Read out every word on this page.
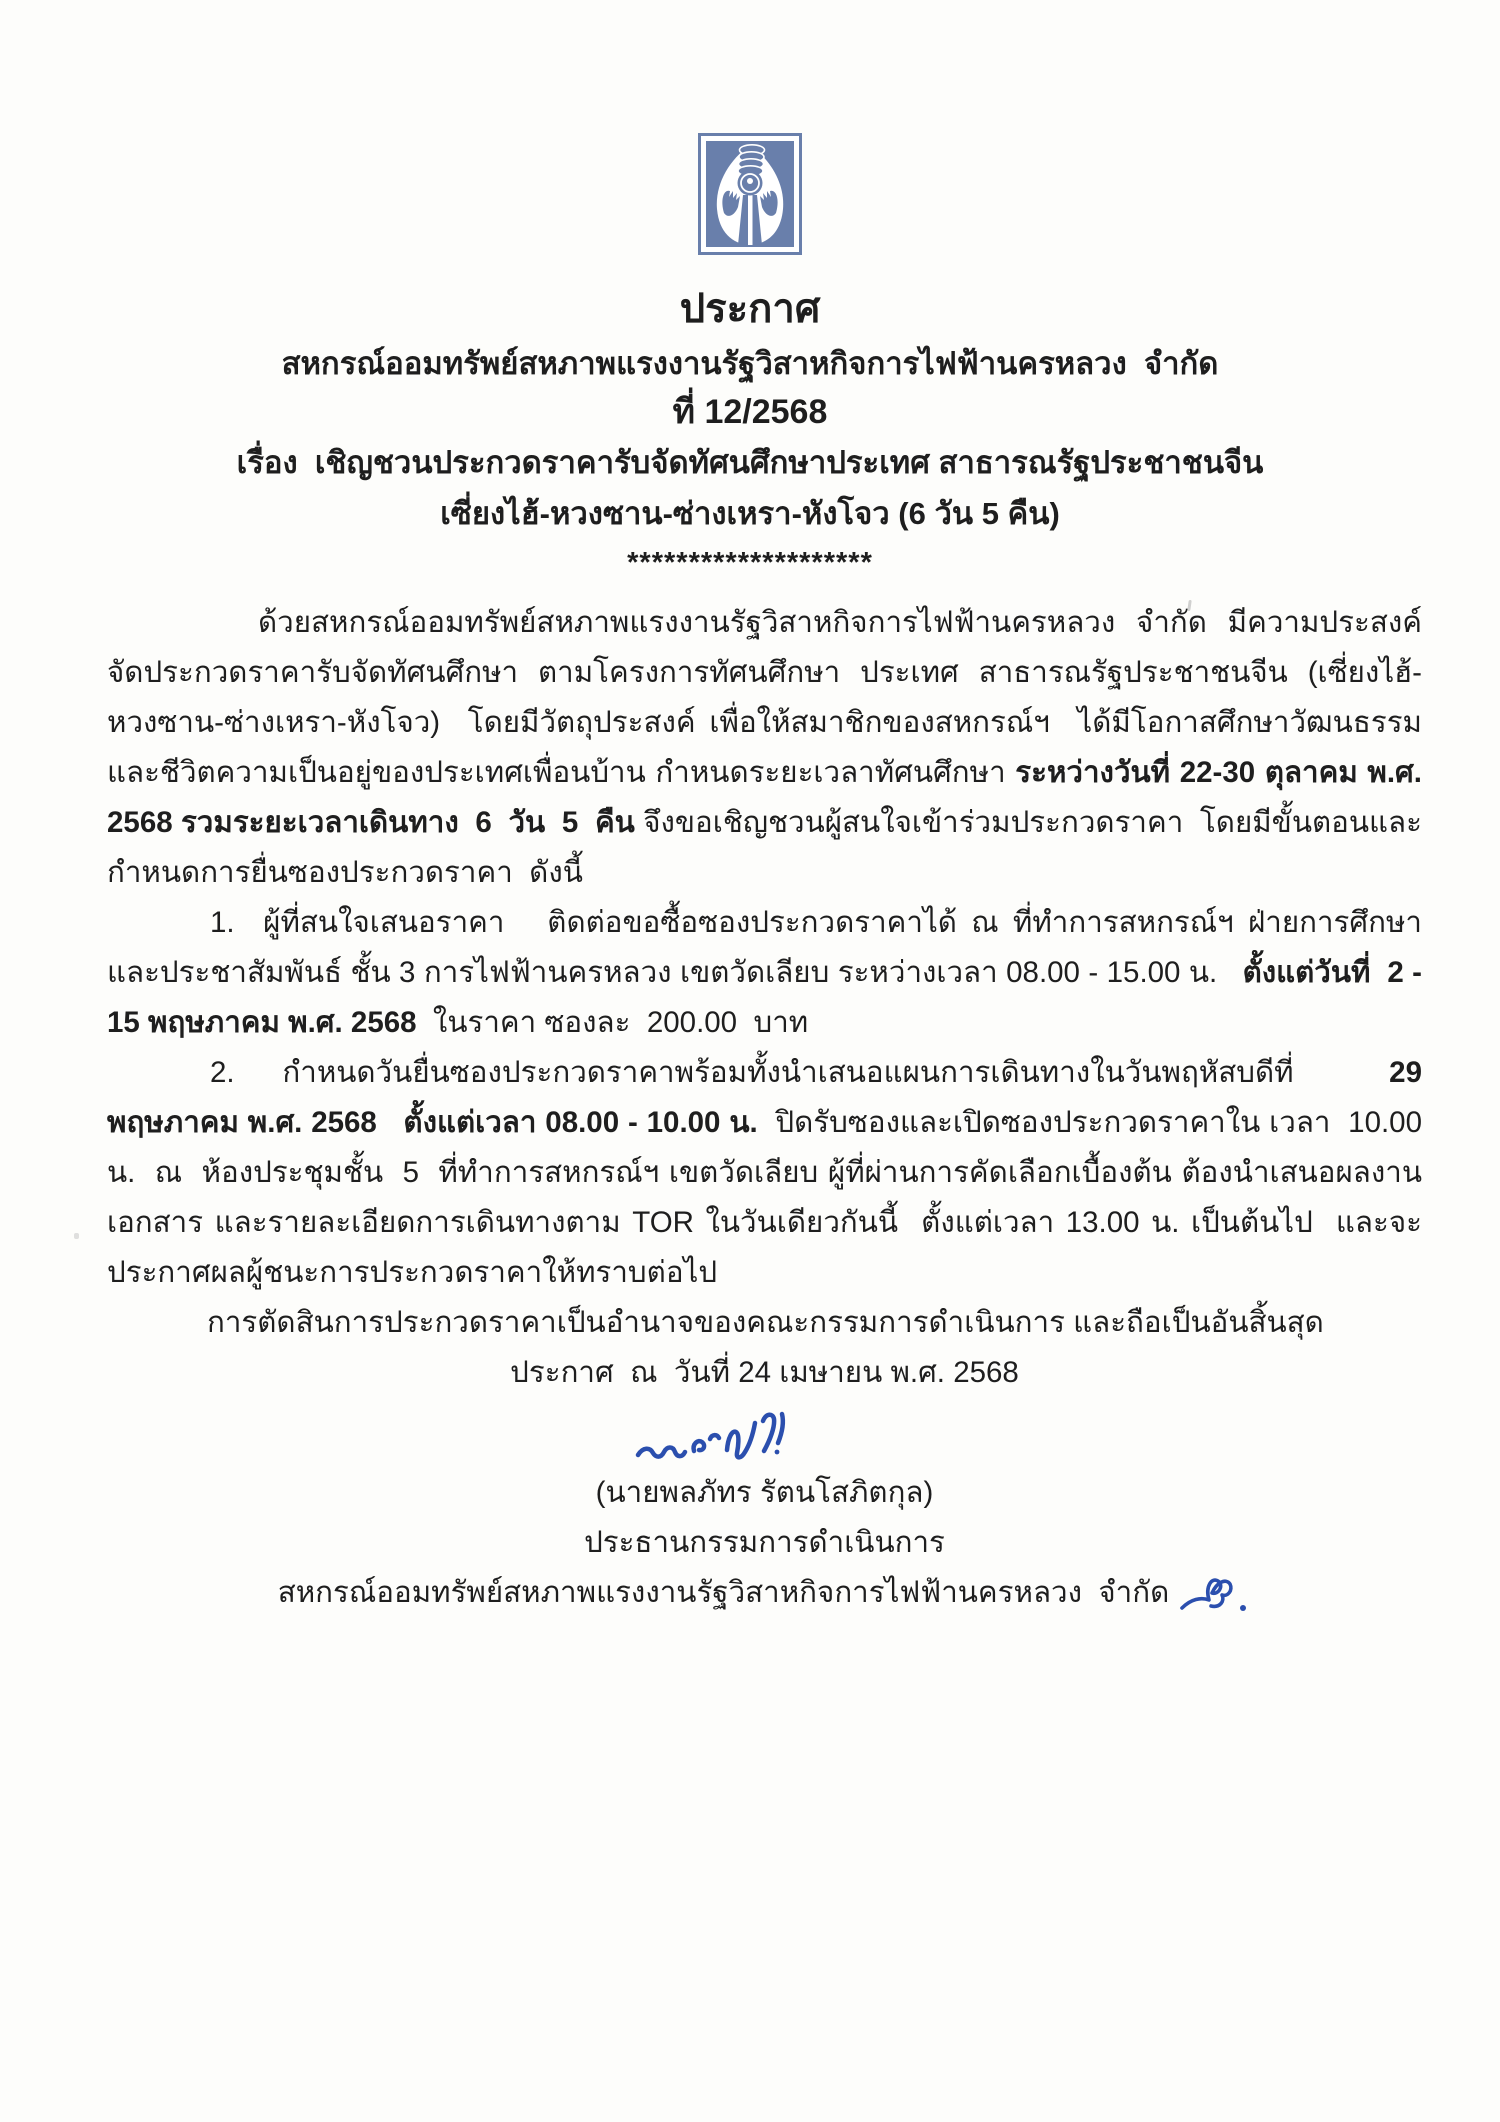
ประกาศ
สหกรณ์ออมทรัพย์สหภาพแรงงานรัฐวิสาหกิจการไฟฟ้านครหลวง  จำกัด
ที่ 12/2568
เรื่อง  เชิญชวนประกวดราคารับจัดทัศนศึกษาประเทศ สาธารณรัฐประชาชนจีน
เซี่ยงไฮ้-หวงซาน-ซ่างเหรา-หังโจว (6 วัน 5 คืน)
********************

ด้วยสหกรณ์ออมทรัพย์สหภาพแรงงานรัฐวิสาหกิจการไฟฟ้านครหลวง จำกัด มีความประสงค์จัดประกวดราคารับจัดทัศนศึกษา ตามโครงการทัศนศึกษา ประเทศ สาธารณรัฐประชาชนจีน (เซี่ยงไฮ้-หวงซาน-ซ่างเหรา-หังโจว)  โดยมีวัตถุประสงค์ เพื่อให้สมาชิกของสหกรณ์ฯ  ได้มีโอกาสศึกษาวัฒนธรรม และชีวิตความเป็นอยู่ของประเทศเพื่อนบ้าน กำหนดระยะเวลาทัศนศึกษา ระหว่างวันที่ 22-30 ตุลาคม พ.ศ. 2568 รวมระยะเวลาเดินทาง  6  วัน  5  คืน จึงขอเชิญชวนผู้สนใจเข้าร่วมประกวดราคา  โดยมีขั้นตอนและกำหนดการยื่นซองประกวดราคา  ดังนี้

1.  ผู้ที่สนใจเสนอราคา   ติดต่อขอซื้อซองประกวดราคาได้ ณ ที่ทำการสหกรณ์ฯ ฝ่ายการศึกษาและประชาสัมพันธ์ ชั้น 3 การไฟฟ้านครหลวง เขตวัดเลียบ ระหว่างเวลา 08.00 - 15.00 น.   ตั้งแต่วันที่  2 - 15 พฤษภาคม พ.ศ. 2568  ในราคา ซองละ  200.00  บาท

2. กำหนดวันยื่นซองประกวดราคาพร้อมทั้งนำเสนอแผนการเดินทางในวันพฤหัสบดีที่  29 พฤษภาคม พ.ศ. 2568   ตั้งแต่เวลา 08.00 - 10.00 น.  ปิดรับซองและเปิดซองประกวดราคาใน เวลา  10.00 น.  ณ  ห้องประชุมชั้น  5  ที่ทำการสหกรณ์ฯ เขตวัดเลียบ ผู้ที่ผ่านการคัดเลือกเบื้องต้น ต้องนำเสนอผลงาน เอกสาร และรายละเอียดการเดินทางตาม TOR ในวันเดียวกันนี้  ตั้งแต่เวลา 13.00 น. เป็นต้นไป  และจะประกาศผลผู้ชนะการประกวดราคาให้ทราบต่อไป

การตัดสินการประกวดราคาเป็นอำนาจของคณะกรรมการดำเนินการ และถือเป็นอันสิ้นสุด

ประกาศ  ณ  วันที่ 24 เมษายน พ.ศ. 2568

(นายพลภัทร รัตนโสภิตกุล)

ประธานกรรมการดำเนินการ

สหกรณ์ออมทรัพย์สหภาพแรงงานรัฐวิสาหกิจการไฟฟ้านครหลวง  จำกัด
